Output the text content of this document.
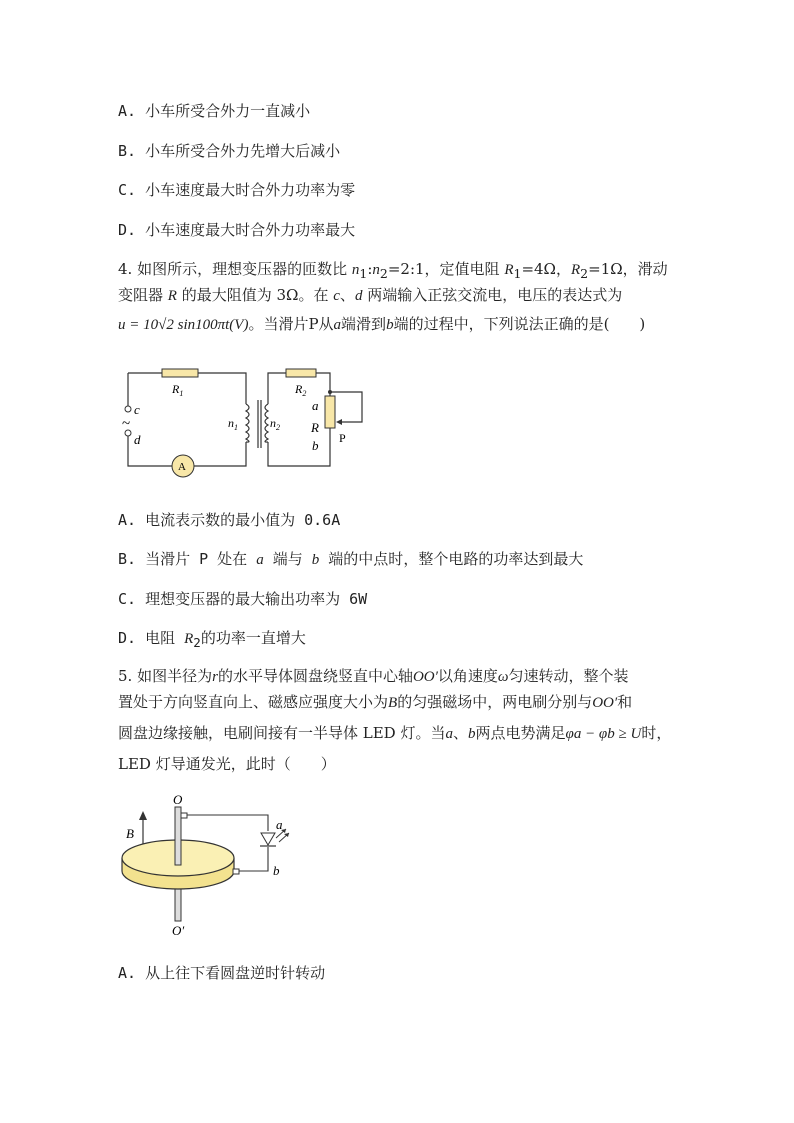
A. 小车所受合外力一直减小
B. 小车所受合外力先增大后减小
C. 小车速度最大时合外力功率为零
D. 小车速度最大时合外力功率最大
4. 如图所示，理想变压器的匝数比 $n_1:n_2=2:1$，定值电阻 $R_1=4\Omega$，$R_2=1\Omega$，滑动
变阻器 R 的最大阻值为 3Ω。在 c、d 两端输入正弦交流电，电压的表达式为
u = 10√2 sin100πt(V)。当滑片P从a端滑到b端的过程中，下列说法正确的是(　　)
$R_1$	$R_2$
c
~
d
$n_1$	$n_2$
a
R
b P
A
A. 电流表示数的最小值为 0.6A
B. 当滑片 P 处在 a 端与 b 端的中点时，整个电路的功率达到最大
C. 理想变压器的最大输出功率为 6W
D. 电阻 $R_2$的功率一直增大
5. 如图半径为r的水平导体圆盘绕竖直中心轴OO′以角速度ω匀速转动，整个装
置处于方向竖直向上、磁感应强度大小为B的匀强磁场中，两电刷分别与OO′和
圆盘边缘接触，电刷间接有一半导体 LED 灯。当a、b两点电势满足φa − φb ≥ U时，
LED 灯导通发光，此时（　　）
B
O
O′
a
b
A. 从上往下看圆盘逆时针转动
